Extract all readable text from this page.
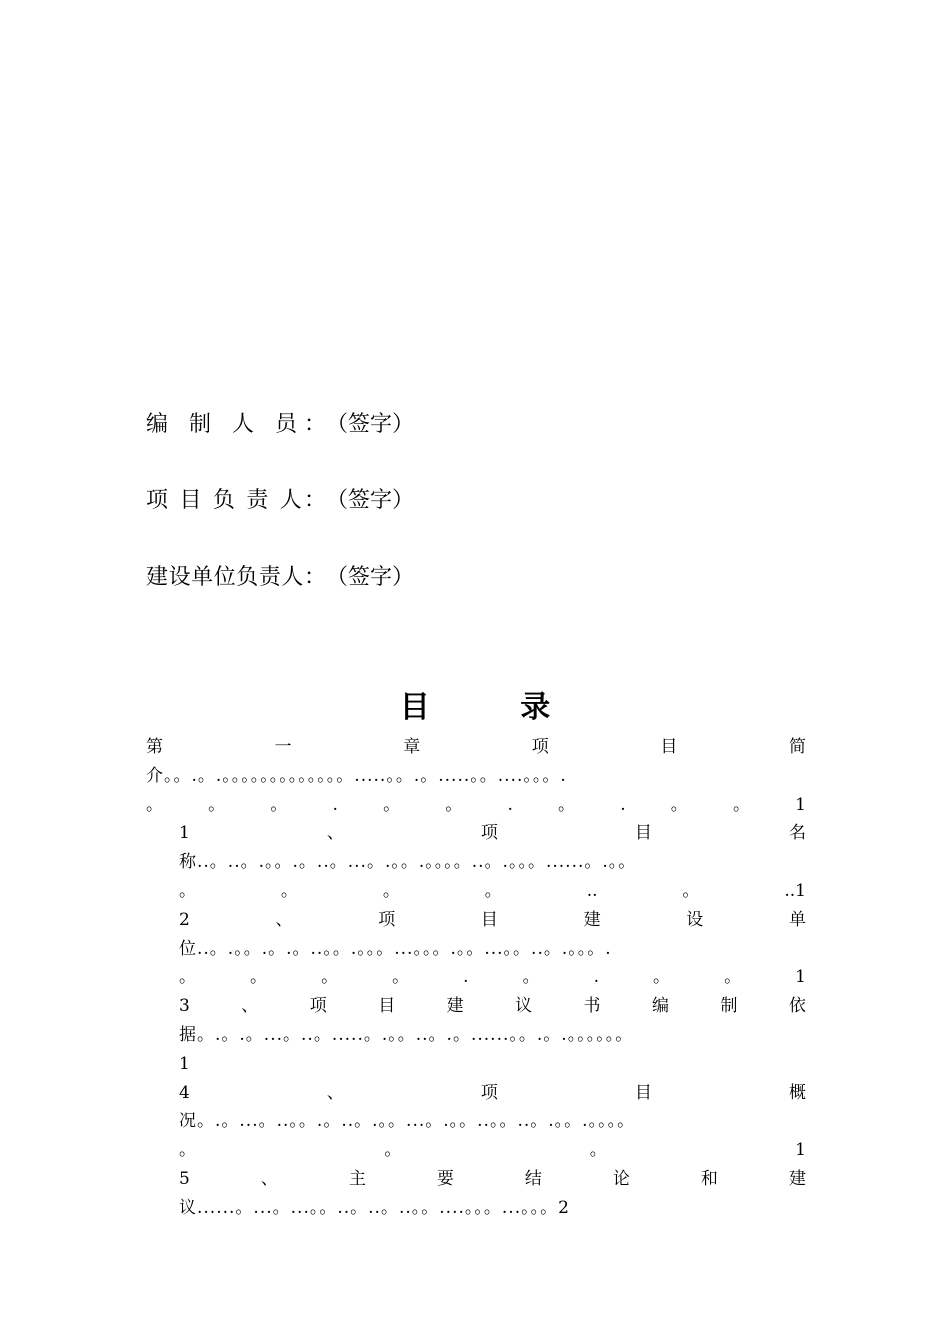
编 制 人 员：（签字）
项 目 负 责 人：（签字）
建设单位负责人：（签字）
目 录
第	一	章	项	目	简
介 。。.。.。。。。。。。。。。。。。.....。。.。.....。。....。。。.
。	。	。	.	。	。	.	。	.	。	。	1
1	、	项	目	名
称 ..。..。.。。.。..。...。.。。.。。。。..。.。。。......。.。。
。	。	。	。	..	。	..1
2	、	项	目	建	设	单
位 ..。.。。.。.。..。。.。。。...。。。.。。...。。..。.。。。.
。	。	。	。	.	。	.	。	。	1
3	、	项	目	建	议	书	编	制	依
据 。.。.。...。..。.....。.。。..。.。......。。.。.。。。。。。
1
4	、	项	目	概
况 。.。...。..。。.。..。.。。...。.。。..。。..。.。。.。。。。
。	。	。	1
5	、	主	要	结	论	和	建
议 ......。...。...。。..。..。..。。....。。。...。。。2
